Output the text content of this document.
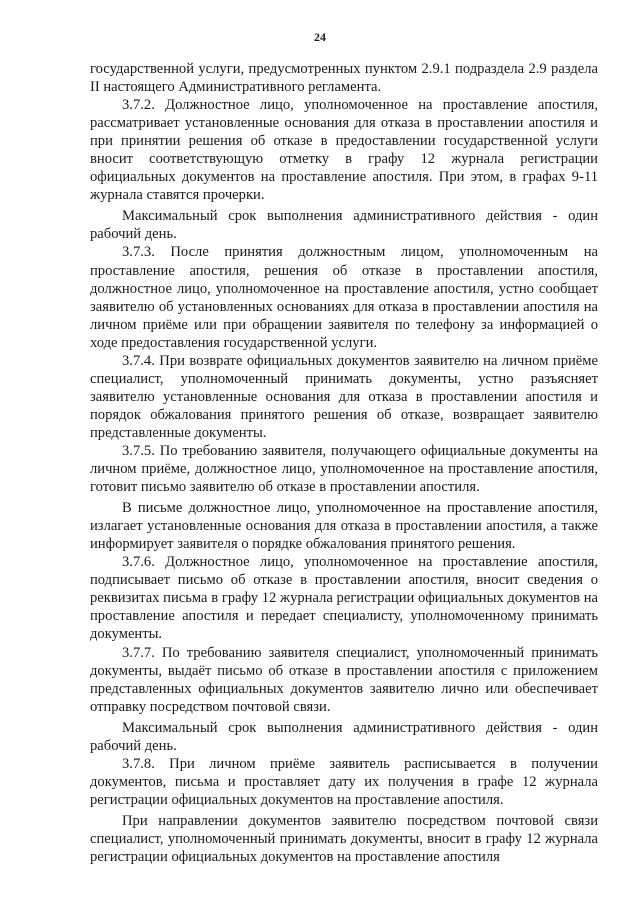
24

государственной услуги, предусмотренных пунктом 2.9.1 подраздела 2.9 раздела II настоящего Административного регламента.

3.7.2. Должностное лицо, уполномоченное на проставление апостиля, рассматривает установленные основания для отказа в проставлении апостиля и при принятии решения об отказе в предоставлении государственной услуги вносит соответствующую отметку в графу 12 журнала регистрации официальных документов на проставление апостиля. При этом, в графах 9-11 журнала ставятся прочерки.

Максимальный срок выполнения административного действия - один рабочий день.

3.7.3. После принятия должностным лицом, уполномоченным на проставление апостиля, решения об отказе в проставлении апостиля, должностное лицо, уполномоченное на проставление апостиля, устно сообщает заявителю об установленных основаниях для отказа в проставлении апостиля на личном приёме или при обращении заявителя по телефону за информацией о ходе предоставления государственной услуги.

3.7.4. При возврате официальных документов заявителю на личном приёме специалист, уполномоченный принимать документы, устно разъясняет заявителю установленные основания для отказа в проставлении апостиля и порядок обжалования принятого решения об отказе, возвращает заявителю представленные документы.

3.7.5. По требованию заявителя, получающего официальные документы на личном приёме, должностное лицо, уполномоченное на проставление апостиля, готовит письмо заявителю об отказе в проставлении апостиля.

В письме должностное лицо, уполномоченное на проставление апостиля, излагает установленные основания для отказа в проставлении апостиля, а также информирует заявителя о порядке обжалования принятого решения.

3.7.6. Должностное лицо, уполномоченное на проставление апостиля, подписывает письмо об отказе в проставлении апостиля, вносит сведения о реквизитах письма в графу 12 журнала регистрации официальных документов на проставление апостиля и передает специалисту, уполномоченному принимать документы.

3.7.7. По требованию заявителя специалист, уполномоченный принимать документы, выдаёт письмо об отказе в проставлении апостиля с приложением представленных официальных документов заявителю лично или обеспечивает отправку посредством почтовой связи.

Максимальный срок выполнения административного действия - один рабочий день.

3.7.8. При личном приёме заявитель расписывается в получении документов, письма и проставляет дату их получения в графе 12 журнала регистрации официальных документов на проставление апостиля.

При направлении документов заявителю посредством почтовой связи специалист, уполномоченный принимать документы, вносит в графу 12 журнала регистрации официальных документов на проставление апостиля
